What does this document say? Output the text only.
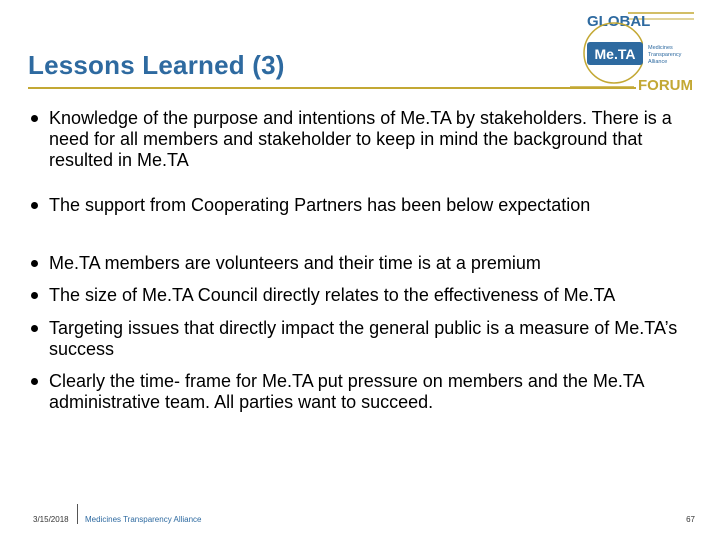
Lessons Learned (3)
GLOBAL
Me.TA Medicines
Transparency
Alliance
FORUM
Knowledge of the purpose and intentions of Me.TA by stakeholders. There is a need for all members and stakeholder to keep in mind the background that resulted in Me.TA
The support from Cooperating Partners has been below expectation
Me.TA members are volunteers and their time is at a premium
The size of Me.TA Council directly relates to the effectiveness of Me.TA
Targeting issues that directly impact the general public is a measure of Me.TA’s success
Clearly the time- frame for Me.TA put pressure on members and the Me.TA administrative team. All parties want to succeed.
3/15/2018 Medicines Transparency Alliance	67
